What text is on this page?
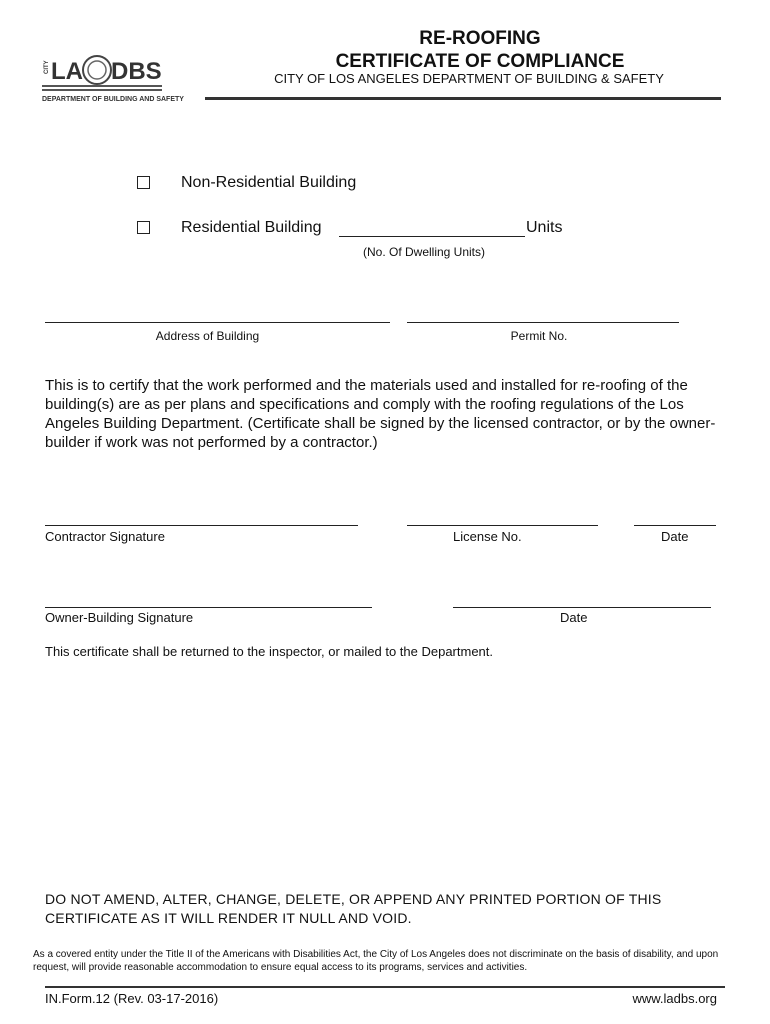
CITY LA DBS
DEPARTMENT OF BUILDING AND SAFETY
RE-ROOFING
CERTIFICATE OF COMPLIANCE
CITY OF LOS ANGELES DEPARTMENT OF BUILDING & SAFETY
Non-Residential Building
Residential Building	Units
(No. Of Dwelling Units)
Address of Building	Permit No.
This is to certify that the work performed and the materials used and installed for re-roofing of the building(s) are as per plans and specifications and comply with the roofing regulations of the Los Angeles Building Department. (Certificate shall be signed by the licensed contractor, or by the owner-builder if work was not performed by a contractor.)
Contractor Signature	License No.	Date
Owner-Building Signature	Date
This certificate shall be returned to the inspector, or mailed to the Department.
DO NOT AMEND, ALTER, CHANGE, DELETE, OR APPEND ANY PRINTED PORTION OF THIS CERTIFICATE AS IT WILL RENDER IT NULL AND VOID.
As a covered entity under the Title II of the Americans with Disabilities Act, the City of Los Angeles does not discriminate on the basis of disability, and upon request, will provide reasonable accommodation to ensure equal access to its programs, services and activities.
IN.Form.12 (Rev. 03-17-2016)	www.ladbs.org
